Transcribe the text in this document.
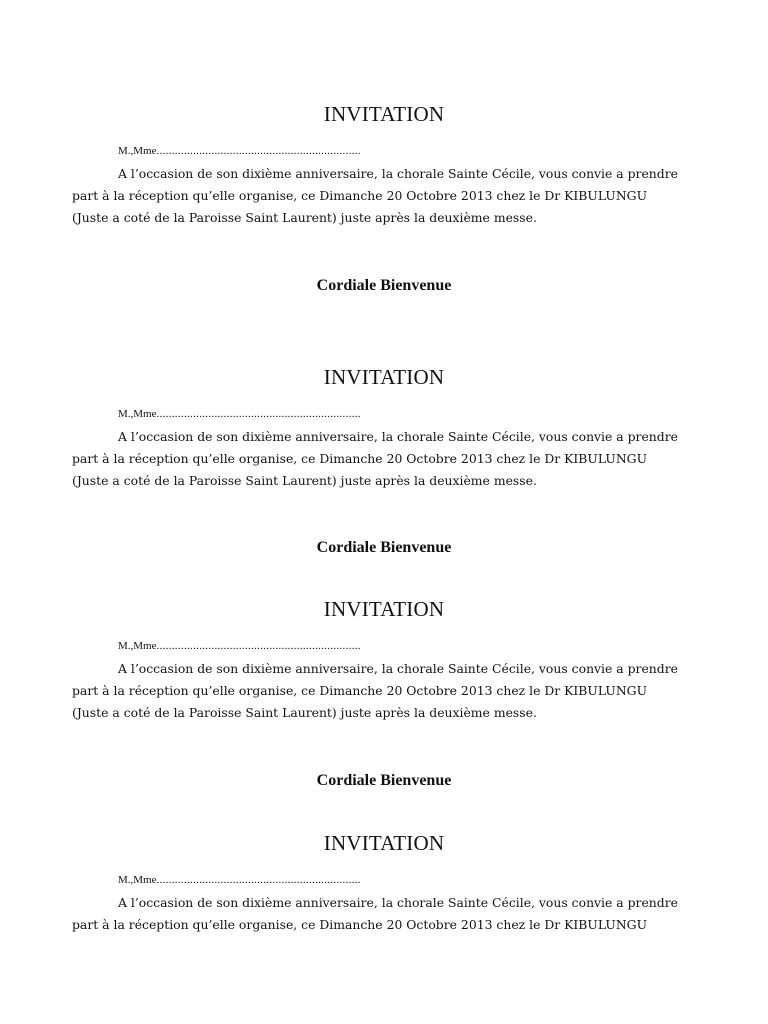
INVITATION
M.,Mme...................................................................
A l’occasion de son dixième anniversaire, la chorale Sainte Cécile, vous convie a prendre
part à la réception qu’elle organise, ce Dimanche 20 Octobre 2013 chez le Dr KIBULUNGU
(Juste a coté de la Paroisse Saint Laurent) juste après la deuxième messe.
Cordiale Bienvenue
INVITATION
M.,Mme...................................................................
A l’occasion de son dixième anniversaire, la chorale Sainte Cécile, vous convie a prendre
part à la réception qu’elle organise, ce Dimanche 20 Octobre 2013 chez le Dr KIBULUNGU
(Juste a coté de la Paroisse Saint Laurent) juste après la deuxième messe.
Cordiale Bienvenue
INVITATION
M.,Mme...................................................................
A l’occasion de son dixième anniversaire, la chorale Sainte Cécile, vous convie a prendre
part à la réception qu’elle organise, ce Dimanche 20 Octobre 2013 chez le Dr KIBULUNGU
(Juste a coté de la Paroisse Saint Laurent) juste après la deuxième messe.
Cordiale Bienvenue
INVITATION
M.,Mme...................................................................
A l’occasion de son dixième anniversaire, la chorale Sainte Cécile, vous convie a prendre
part à la réception qu’elle organise, ce Dimanche 20 Octobre 2013 chez le Dr KIBULUNGU
